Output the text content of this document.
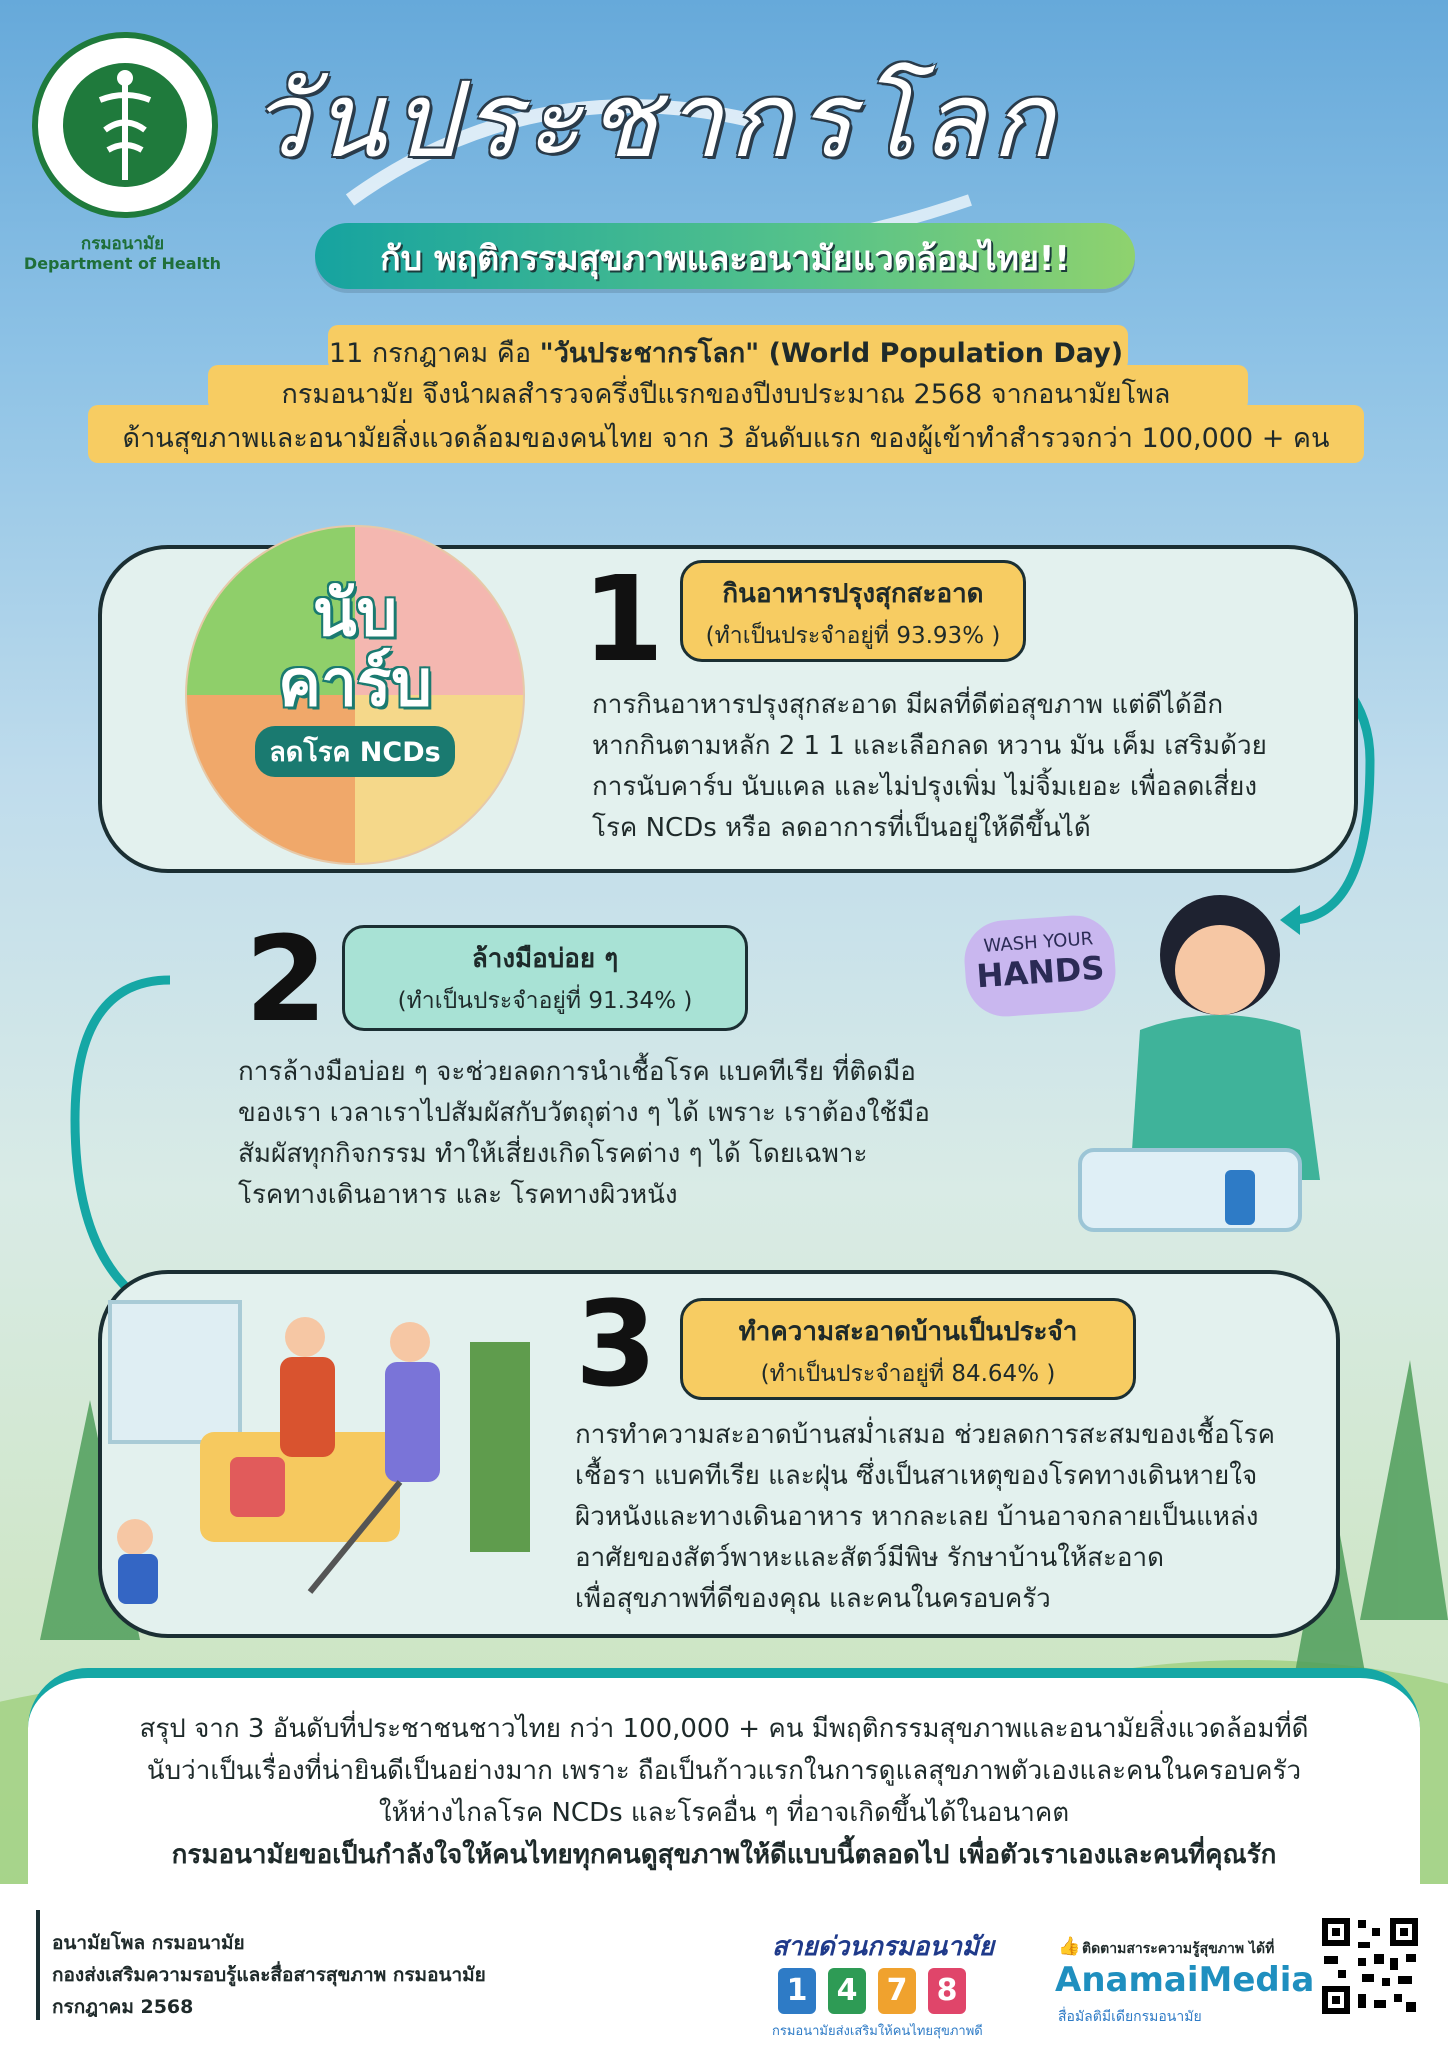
กรมอนามัย
Department of Health
วันประชากรโลก
กับ พฤติกรรมสุขภาพและอนามัยแวดล้อมไทย!!
11 กรกฎาคม คือ "วันประชากรโลก" (World Population Day)
กรมอนามัย จึงนำผลสำรวจครึ่งปีแรกของปีงบประมาณ 2568 จากอนามัยโพล
ด้านสุขภาพและอนามัยสิ่งแวดล้อมของคนไทย จาก 3 อันดับแรก ของผู้เข้าทำสำรวจกว่า 100,000 + คน
นับ
คาร์บ
ลดโรค NCDs
1	กินอาหารปรุงสุกสะอาด
(ทำเป็นประจำอยู่ที่ 93.93% )
การกินอาหารปรุงสุกสะอาด มีผลที่ดีต่อสุขภาพ แต่ดีได้อีก
หากกินตามหลัก 2 1 1 และเลือกลด หวาน มัน เค็ม เสริมด้วย
การนับคาร์บ นับแคล และไม่ปรุงเพิ่ม ไม่จิ้มเยอะ เพื่อลดเสี่ยง
โรค NCDs หรือ ลดอาการที่เป็นอยู่ให้ดีขึ้นได้
2	ล้างมือบ่อย ๆ
(ทำเป็นประจำอยู่ที่ 91.34% )
การล้างมือบ่อย ๆ จะช่วยลดการนำเชื้อโรค แบคทีเรีย ที่ติดมือ
ของเรา เวลาเราไปสัมผัสกับวัตถุต่าง ๆ ได้ เพราะ เราต้องใช้มือ
สัมผัสทุกกิจกรรม ทำให้เสี่ยงเกิดโรคต่าง ๆ ได้ โดยเฉพาะ
โรคทางเดินอาหาร และ โรคทางผิวหนัง
WASH YOUR
HANDS
3	ทำความสะอาดบ้านเป็นประจำ
(ทำเป็นประจำอยู่ที่ 84.64% )
การทำความสะอาดบ้านสม่ำเสมอ ช่วยลดการสะสมของเชื้อโรค
เชื้อรา แบคทีเรีย และฝุ่น ซึ่งเป็นสาเหตุของโรคทางเดินหายใจ
ผิวหนังและทางเดินอาหาร หากละเลย บ้านอาจกลายเป็นแหล่ง
อาศัยของสัตว์พาหะและสัตว์มีพิษ รักษาบ้านให้สะอาด
เพื่อสุขภาพที่ดีของคุณ และคนในครอบครัว
สรุป จาก 3 อันดับที่ประชาชนชาวไทย กว่า 100,000 + คน มีพฤติกรรมสุขภาพและอนามัยสิ่งแวดล้อมที่ดี
นับว่าเป็นเรื่องที่น่ายินดีเป็นอย่างมาก เพราะ ถือเป็นก้าวแรกในการดูแลสุขภาพตัวเองและคนในครอบครัว
ให้ห่างไกลโรค NCDs และโรคอื่น ๆ ที่อาจเกิดขึ้นได้ในอนาคต
กรมอนามัยขอเป็นกำลังใจให้คนไทยทุกคนดูสุขภาพให้ดีแบบนี้ตลอดไป เพื่อตัวเราเองและคนที่คุณรัก
อนามัยโพล กรมอนามัย
กองส่งเสริมความรอบรู้และสื่อสารสุขภาพ กรมอนามัย
กรกฎาคม 2568
สายด่วนกรมอนามัย
1 4 7 8
กรมอนามัยส่งเสริมให้คนไทยสุขภาพดี
👍 ติดตามสาระความรู้สุขภาพ ได้ที่
AnamaiMedia
สื่อมัลติมีเดียกรมอนามัย
